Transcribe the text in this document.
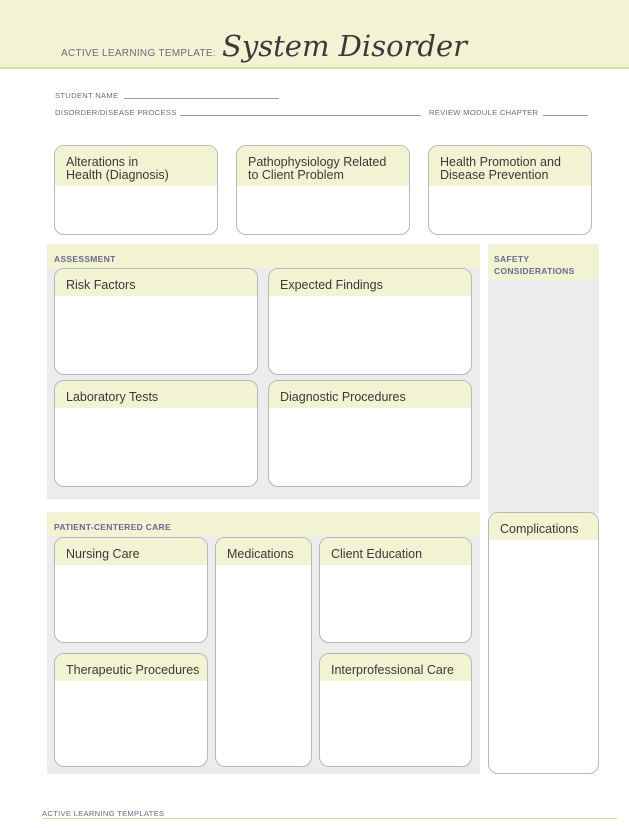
ACTIVE LEARNING TEMPLATE: System Disorder
STUDENT NAME
DISORDER/DISEASE PROCESS	REVIEW MODULE CHAPTER
Alterations in
Health (Diagnosis)
Pathophysiology Related
to Client Problem
Health Promotion and
Disease Prevention
ASSESSMENT
Risk Factors	Expected Findings
Laboratory Tests	Diagnostic Procedures
SAFETY
CONSIDERATIONS
PATIENT-CENTERED CARE
Nursing Care	Medications	Client Education
Therapeutic Procedures	Interprofessional Care
Complications
ACTIVE LEARNING TEMPLATES
